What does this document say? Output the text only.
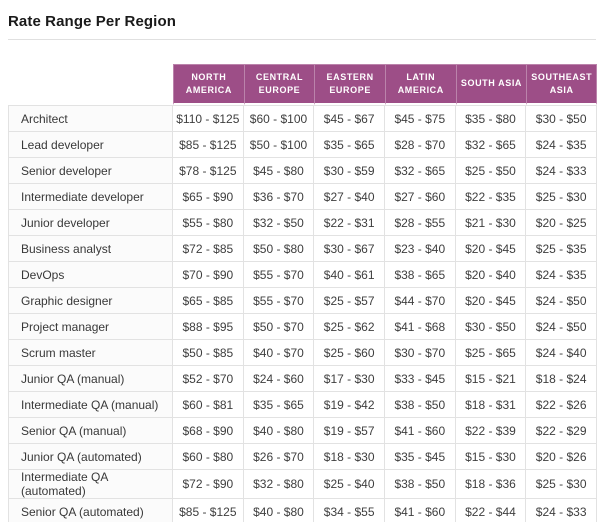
Rate Range Per Region
	NORTH AMERICA	CENTRAL EUROPE	EASTERN EUROPE	LATIN AMERICA	SOUTH ASIA	SOUTHEAST ASIA
Architect	$110 - $125	$60 - $100	$45 - $67	$45 - $75	$35 - $80	$30 - $50
Lead developer	$85 - $125	$50 - $100	$35 - $65	$28 - $70	$32 - $65	$24 - $35
Senior developer	$78 - $125	$45 - $80	$30 - $59	$32 - $65	$25 - $50	$24 - $33
Intermediate developer	$65 - $90	$36 - $70	$27 - $40	$27 - $60	$22 - $35	$25 - $30
Junior developer	$55 - $80	$32 - $50	$22 - $31	$28 - $55	$21 - $30	$20 - $25
Business analyst	$72 - $85	$50 - $80	$30 - $67	$23 - $40	$20 - $45	$25 - $35
DevOps	$70 - $90	$55 - $70	$40 - $61	$38 - $65	$20 - $40	$24 - $35
Graphic designer	$65 - $85	$55 - $70	$25 - $57	$44 - $70	$20 - $45	$24 - $50
Project manager	$88 - $95	$50 - $70	$25 - $62	$41 - $68	$30 - $50	$24 - $50
Scrum master	$50 - $85	$40 - $70	$25 - $60	$30 - $70	$25 - $65	$24 - $40
Junior QA (manual)	$52 - $70	$24 - $60	$17 - $30	$33 - $45	$15 - $21	$18 - $24
Intermediate QA (manual)	$60 - $81	$35 - $65	$19 - $42	$38 - $50	$18 - $31	$22 - $26
Senior QA (manual)	$68 - $90	$40 - $80	$19 - $57	$41 - $60	$22 - $39	$22 - $29
Junior QA (automated)	$60 - $80	$26 - $70	$18 - $30	$35 - $45	$15 - $30	$20 - $26
Intermediate QA (automated)	$72 - $90	$32 - $80	$25 - $40	$38 - $50	$18 - $36	$25 - $30
Senior QA (automated)	$85 - $125	$40 - $80	$34 - $55	$41 - $60	$22 - $44	$24 - $33
